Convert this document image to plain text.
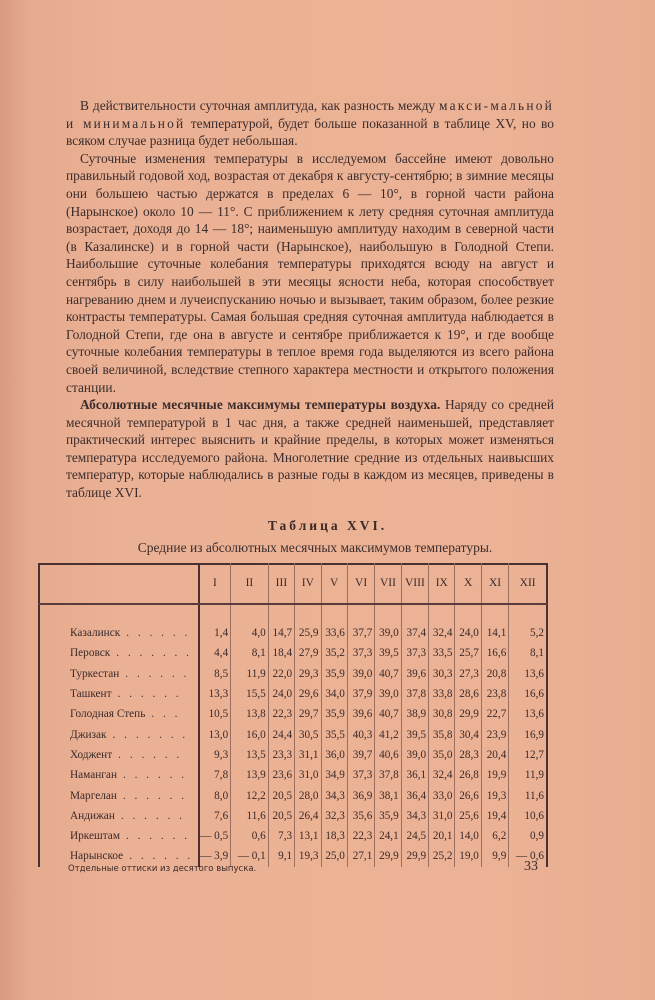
В действительности суточная амплитуда, как разность между макси-мальной и минимальной температурой, будет больше показанной в таблице XV, но во всяком случае разница будет небольшая.

Суточные изменения температуры в исследуемом бассейне имеют довольно правильный годовой ход, возрастая от декабря к августу-сентябрю; в зимние месяцы они большею частью держатся в пределах 6 — 10°, в горной части района (Нарынское) около 10 — 11°. С приближением к лету средняя суточная амплитуда возрастает, доходя до 14 — 18°; наименьшую амплитуду находим в северной части (в Казалинске) и в горной части (Нарынское), наибольшую в Голодной Степи. Наибольшие суточные колебания температуры приходятся всюду на август и сентябрь в силу наибольшей в эти месяцы ясности неба, которая способствует нагреванию днем и лучеиспусканию ночью и вызывает, таким образом, более резкие контрасты температуры. Самая большая средняя суточная амплитуда наблюдается в Голодной Степи, где она в августе и сентябре приближается к 19°, и где вообще суточные колебания температуры в теплое время года выделяются из всего района своей величиной, вследствие степного характера местности и открытого положения станции.

Абсолютные месячные максимумы температуры воздуха. Наряду со средней месячной температурой в 1 час дня, а также средней наименьшей, представляет практический интерес выяснить и крайние пределы, в которых может изменяться температура исследуемого района. Многолетние средние из отдельных наивысших температур, которые наблюдались в разные годы в каждом из месяцев, приведены в таблице XVI.

Таблица XVI.
Средние из абсолютных месячных максимумов температуры.
	I	II	III	IV	V	VI	VII	VIII	IX	X	XI	XII

Казалинск . . . . . .	1,4	4,0	14,7	25,9	33,6	37,7	39,0	37,4	32,4	24,0	14,1	5,2
Перовск . . . . . . .	4,4	8,1	18,4	27,9	35,2	37,3	39,5	37,3	33,5	25,7	16,6	8,1
Туркестан . . . . . .	8,5	11,9	22,0	29,3	35,9	39,0	40,7	39,6	30,3	27,3	20,8	13,6
Ташкент . . . . . .	13,3	15,5	24,0	29,6	34,0	37,9	39,0	37,8	33,8	28,6	23,8	16,6
Голодная Степь . . .	10,5	13,8	22,3	29,7	35,9	39,6	40,7	38,9	30,8	29,9	22,7	13,6
Джизак . . . . . . .	13,0	16,0	24,4	30,5	35,5	40,3	41,2	39,5	35,8	30,4	23,9	16,9
Ходжент . . . . . .	9,3	13,5	23,3	31,1	36,0	39,7	40,6	39,0	35,0	28,3	20,4	12,7
Наманган . . . . . .	7,8	13,9	23,6	31,0	34,9	37,3	37,8	36,1	32,4	26,8	19,9	11,9
Маргелан . . . . . .	8,0	12,2	20,5	28,0	34,3	36,9	38,1	36,4	33,0	26,6	19,3	11,6
Андижан . . . . . .	7,6	11,6	20,5	26,4	32,3	35,6	35,9	34,3	31,0	25,6	19,4	10,6
Иркештам . . . . . .	— 0,5	0,6	7,3	13,1	18,3	22,3	24,1	24,5	20,1	14,0	6,2	0,9
Нарынское . . . . . .	— 3,9	— 0,1	9,1	19,3	25,0	27,1	29,9	29,9	25,2	19,0	9,9	— 0,6
Отдельные оттиски из десятого выпуска.	33
